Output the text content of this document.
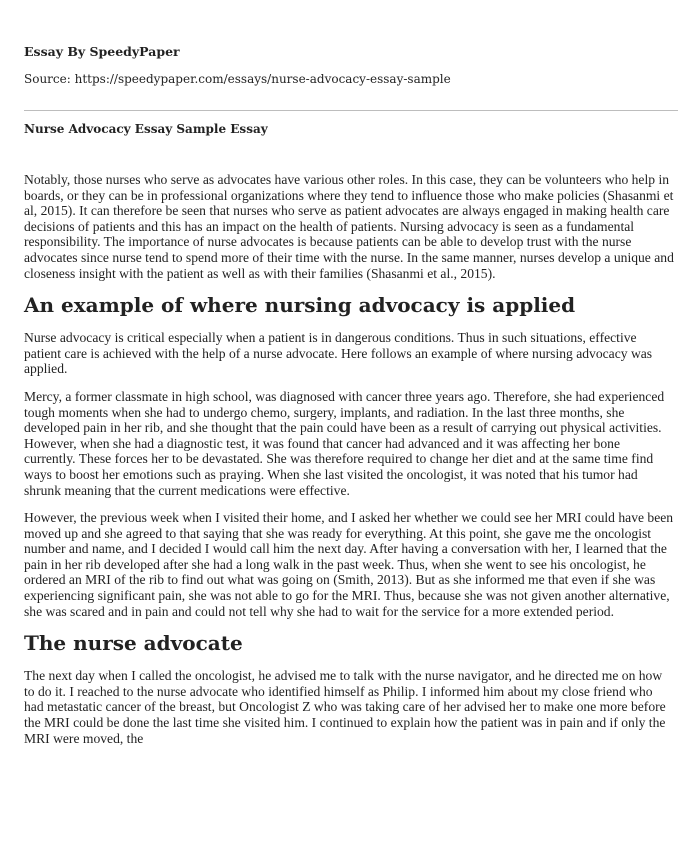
Essay By SpeedyPaper
Source: https://speedypaper.com/essays/nurse-advocacy-essay-sample
Nurse Advocacy Essay Sample Essay

Notably, those nurses who serve as advocates have various other roles. In this case, they can be volunteers who help in boards, or they can be in professional organizations where they tend to influence those who make policies (Shasanmi et al, 2015). It can therefore be seen that nurses who serve as patient advocates are always engaged in making health care decisions of patients and this has an impact on the health of patients. Nursing advocacy is seen as a fundamental responsibility. The importance of nurse advocates is because patients can be able to develop trust with the nurse advocates since nurse tend to spend more of their time with the nurse. In the same manner, nurses develop a unique and closeness insight with the patient as well as with their families (Shasanmi et al., 2015).

An example of where nursing advocacy is applied

Nurse advocacy is critical especially when a patient is in dangerous conditions. Thus in such situations, effective patient care is achieved with the help of a nurse advocate. Here follows an example of where nursing advocacy was applied.

Mercy, a former classmate in high school, was diagnosed with cancer three years ago. Therefore, she had experienced tough moments when she had to undergo chemo, surgery, implants, and radiation. In the last three months, she developed pain in her rib, and she thought that the pain could have been as a result of carrying out physical activities. However, when she had a diagnostic test, it was found that cancer had advanced and it was affecting her bone currently. These forces her to be devastated. She was therefore required to change her diet and at the same time find ways to boost her emotions such as praying. When she last visited the oncologist, it was noted that his tumor had shrunk meaning that the current medications were effective.

However, the previous week when I visited their home, and I asked her whether we could see her MRI could have been moved up and she agreed to that saying that she was ready for everything. At this point, she gave me the oncologist number and name, and I decided I would call him the next day. After having a conversation with her, I learned that the pain in her rib developed after she had a long walk in the past week. Thus, when she went to see his oncologist, he ordered an MRI of the rib to find out what was going on (Smith, 2013). But as she informed me that even if she was experiencing significant pain, she was not able to go for the MRI. Thus, because she was not given another alternative, she was scared and in pain and could not tell why she had to wait for the service for a more extended period.

The nurse advocate

The next day when I called the oncologist, he advised me to talk with the nurse navigator, and he directed me on how to do it. I reached to the nurse advocate who identified himself as Philip. I informed him about my close friend who had metastatic cancer of the breast, but Oncologist Z who was taking care of her advised her to make one more before the MRI could be done the last time she visited him. I continued to explain how the patient was in pain and if only the MRI were moved, the
